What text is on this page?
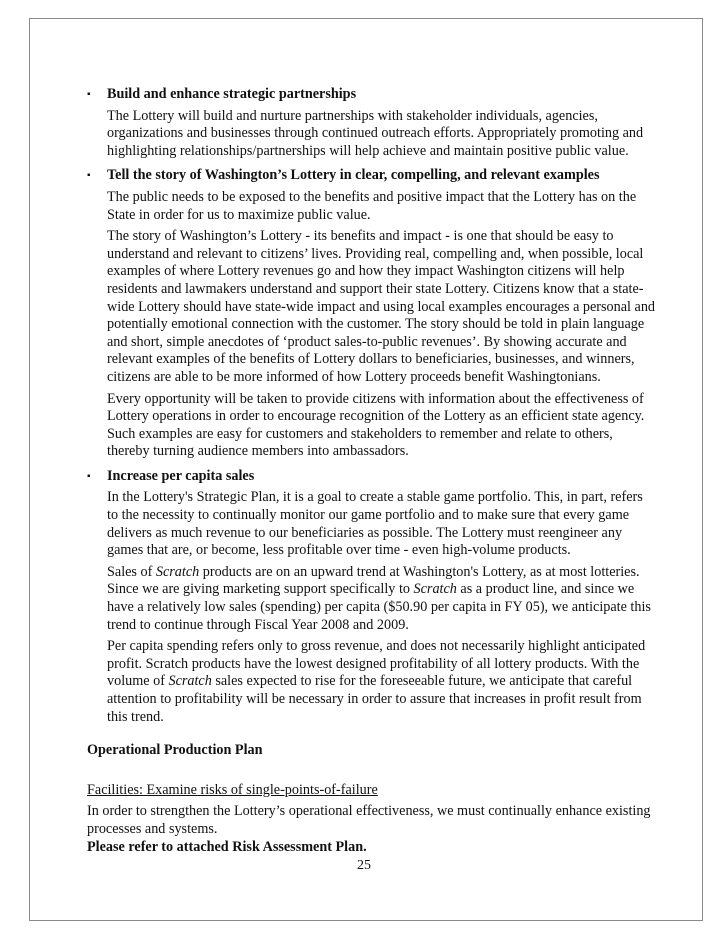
▪ Build and enhance strategic partnerships

The Lottery will build and nurture partnerships with stakeholder individuals, agencies, organizations and businesses through continued outreach efforts. Appropriately promoting and highlighting relationships/partnerships will help achieve and maintain positive public value.

▪ Tell the story of Washington’s Lottery in clear, compelling, and relevant examples

The public needs to be exposed to the benefits and positive impact that the Lottery has on the State in order for us to maximize public value.

The story of Washington’s Lottery - its benefits and impact - is one that should be easy to understand and relevant to citizens’ lives. Providing real, compelling and, when possible, local examples of where Lottery revenues go and how they impact Washington citizens will help residents and lawmakers understand and support their state Lottery. Citizens know that a state-wide Lottery should have state-wide impact and using local examples encourages a personal and potentially emotional connection with the customer. The story should be told in plain language and short, simple anecdotes of ‘product sales-to-public revenues’. By showing accurate and relevant examples of the benefits of Lottery dollars to beneficiaries, businesses, and winners, citizens are able to be more informed of how Lottery proceeds benefit Washingtonians.

Every opportunity will be taken to provide citizens with information about the effectiveness of Lottery operations in order to encourage recognition of the Lottery as an efficient state agency. Such examples are easy for customers and stakeholders to remember and relate to others, thereby turning audience members into ambassadors.

▪ Increase per capita sales

In the Lottery's Strategic Plan, it is a goal to create a stable game portfolio. This, in part, refers to the necessity to continually monitor our game portfolio and to make sure that every game delivers as much revenue to our beneficiaries as possible. The Lottery must reengineer any games that are, or become, less profitable over time - even high-volume products.

Sales of Scratch products are on an upward trend at Washington's Lottery, as at most lotteries. Since we are giving marketing support specifically to Scratch as a product line, and since we have a relatively low sales (spending) per capita ($50.90 per capita in FY 05), we anticipate this trend to continue through Fiscal Year 2008 and 2009.

Per capita spending refers only to gross revenue, and does not necessarily highlight anticipated profit. Scratch products have the lowest designed profitability of all lottery products. With the volume of Scratch sales expected to rise for the foreseeable future, we anticipate that careful attention to profitability will be necessary in order to assure that increases in profit result from this trend.

Operational Production Plan

Facilities: Examine risks of single-points-of-failure

In order to strengthen the Lottery’s operational effectiveness, we must continually enhance existing processes and systems.

Please refer to attached Risk Assessment Plan.

25
